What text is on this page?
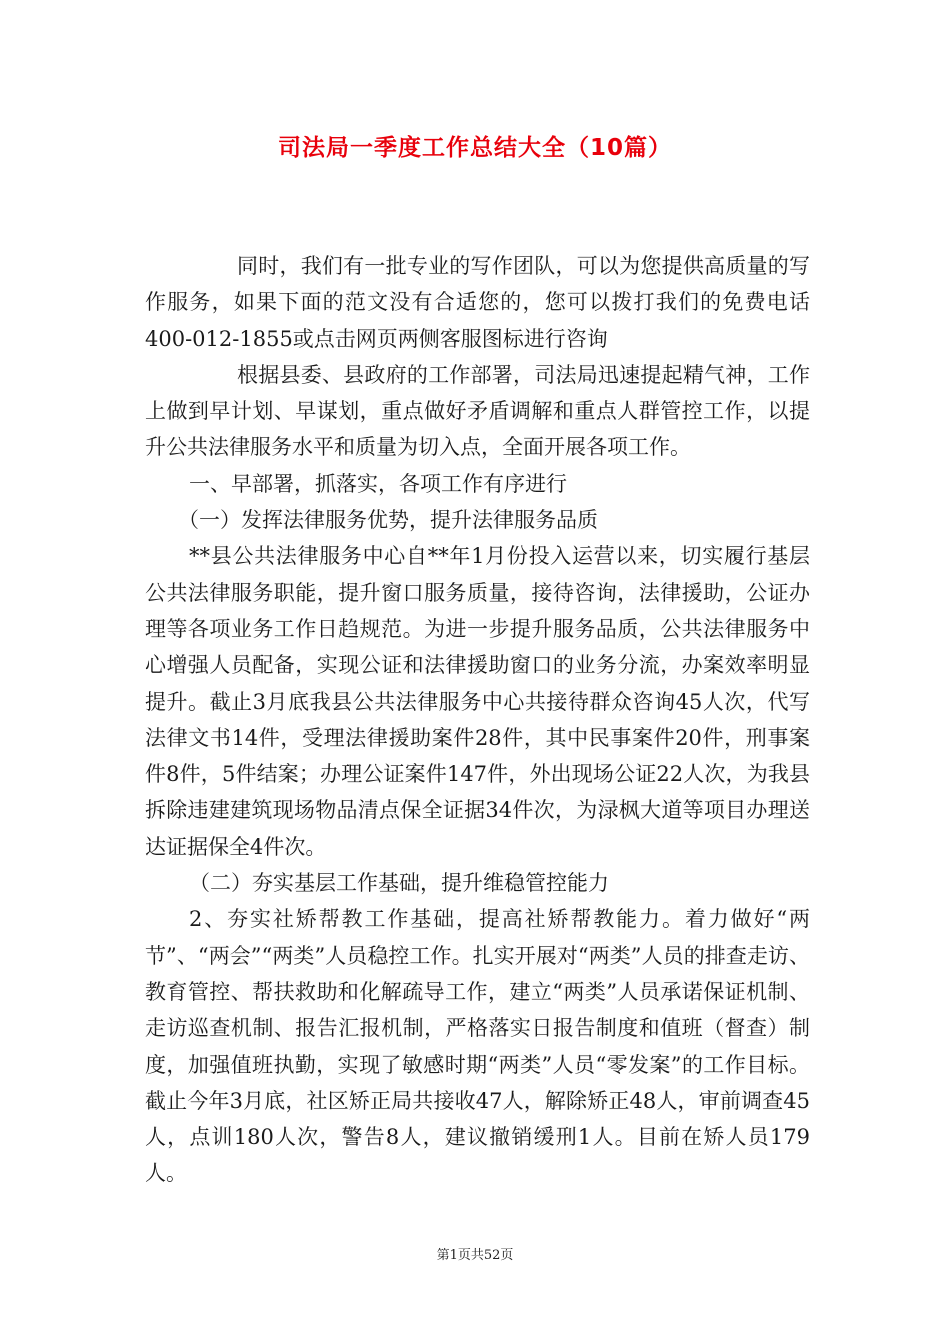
司法局一季度工作总结大全（10篇）

同时，我们有一批专业的写作团队，可以为您提供高质量的写作服务，如果下面的范文没有合适您的，您可以拨打我们的免费电话400-012-1855或点击网页两侧客服图标进行咨询

根据县委、县政府的工作部署，司法局迅速提起精气神，工作上做到早计划、早谋划，重点做好矛盾调解和重点人群管控工作，以提升公共法律服务水平和质量为切入点，全面开展各项工作。

一、早部署，抓落实，各项工作有序进行

（一）发挥法律服务优势，提升法律服务品质

**县公共法律服务中心自**年1月份投入运营以来，切实履行基层公共法律服务职能，提升窗口服务质量，接待咨询，法律援助，公证办理等各项业务工作日趋规范。为进一步提升服务品质，公共法律服务中心增强人员配备，实现公证和法律援助窗口的业务分流，办案效率明显提升。截止3月底我县公共法律服务中心共接待群众咨询45人次，代写法律文书14件，受理法律援助案件28件，其中民事案件20件，刑事案件8件，5件结案；办理公证案件147件，外出现场公证22人次，为我县拆除违建建筑现场物品清点保全证据34件次，为渌枫大道等项目办理送达证据保全4件次。

（二）夯实基层工作基础，提升维稳管控能力

2、夯实社矫帮教工作基础，提高社矫帮教能力。着力做好“两节”、“两会”“两类”人员稳控工作。扎实开展对“两类”人员的排查走访、教育管控、帮扶救助和化解疏导工作，建立“两类”人员承诺保证机制、走访巡查机制、报告汇报机制，严格落实日报告制度和值班（督查）制度，加强值班执勤，实现了敏感时期“两类”人员“零发案”的工作目标。截止今年3月底，社区矫正局共接收47人，解除矫正48人，审前调查45人，点训180人次，警告8人，建议撤销缓刑1人。目前在矫人员179人。

第1页共52页
